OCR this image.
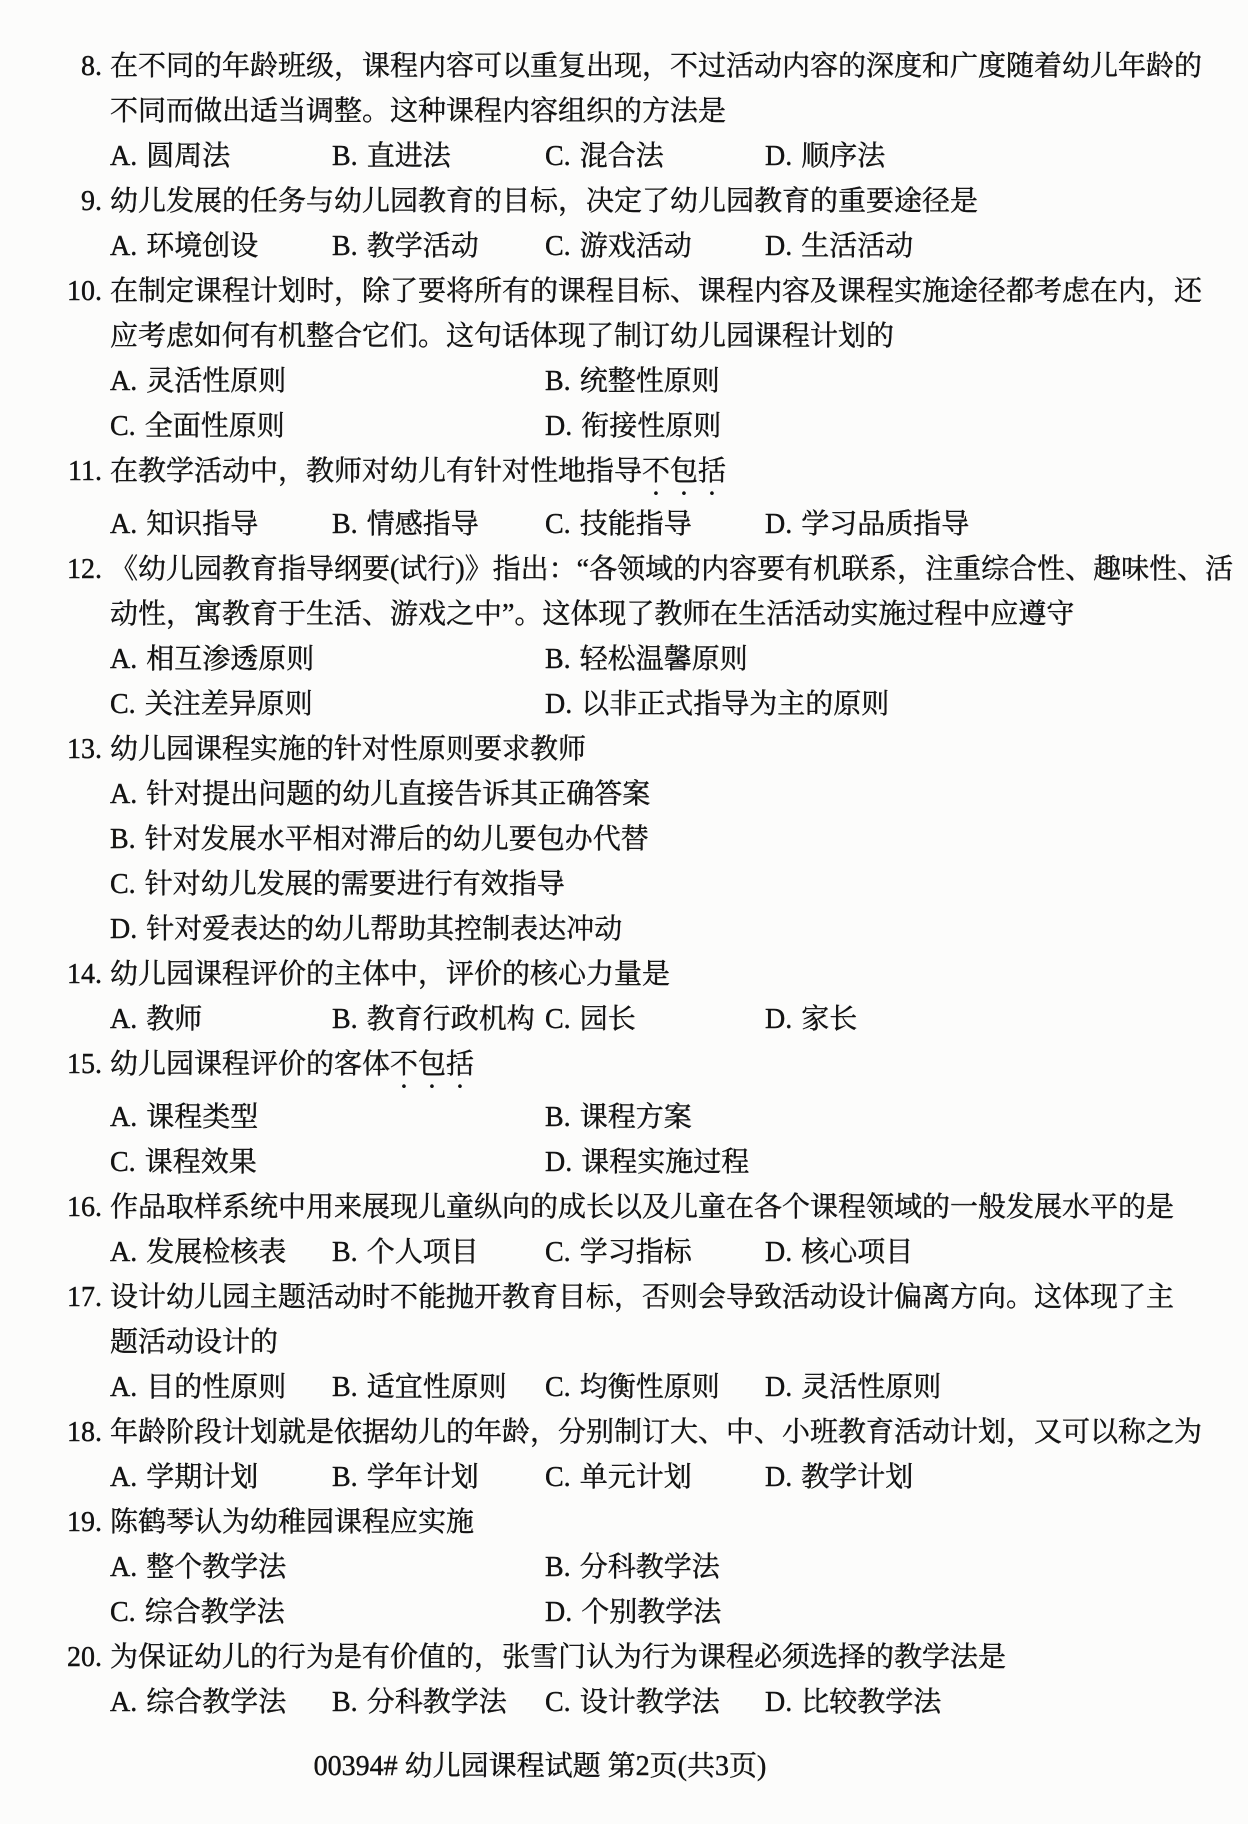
8. 在不同的年龄班级，课程内容可以重复出现，不过活动内容的深度和广度随着幼儿年龄的
不同而做出适当调整。这种课程内容组织的方法是
A. 圆周法	B. 直进法	C. 混合法	D. 顺序法
9. 幼儿发展的任务与幼儿园教育的目标，决定了幼儿园教育的重要途径是
A. 环境创设	B. 教学活动	C. 游戏活动	D. 生活活动
10. 在制定课程计划时，除了要将所有的课程目标、课程内容及课程实施途径都考虑在内，还
应考虑如何有机整合它们。这句话体现了制订幼儿园课程计划的
A. 灵活性原则	B. 统整性原则
C. 全面性原则	D. 衔接性原则
11. 在教学活动中，教师对幼儿有针对性地指导不包括
A. 知识指导	B. 情感指导	C. 技能指导	D. 学习品质指导
12. 《幼儿园教育指导纲要(试行)》指出：“各领域的内容要有机联系，注重综合性、趣味性、活
动性，寓教育于生活、游戏之中”。这体现了教师在生活活动实施过程中应遵守
A. 相互渗透原则	B. 轻松温馨原则
C. 关注差异原则	D. 以非正式指导为主的原则
13. 幼儿园课程实施的针对性原则要求教师
A. 针对提出问题的幼儿直接告诉其正确答案
B. 针对发展水平相对滞后的幼儿要包办代替
C. 针对幼儿发展的需要进行有效指导
D. 针对爱表达的幼儿帮助其控制表达冲动
14. 幼儿园课程评价的主体中，评价的核心力量是
A. 教师	B. 教育行政机构 C. 园长	D. 家长
15. 幼儿园课程评价的客体不包括
A. 课程类型	B. 课程方案
C. 课程效果	D. 课程实施过程
16. 作品取样系统中用来展现儿童纵向的成长以及儿童在各个课程领域的一般发展水平的是
A. 发展检核表	B. 个人项目	C. 学习指标	D. 核心项目
17. 设计幼儿园主题活动时不能抛开教育目标，否则会导致活动设计偏离方向。这体现了主
题活动设计的
A. 目的性原则	B. 适宜性原则	C. 均衡性原则	D. 灵活性原则
18. 年龄阶段计划就是依据幼儿的年龄，分别制订大、中、小班教育活动计划，又可以称之为
A. 学期计划	B. 学年计划	C. 单元计划	D. 教学计划
19. 陈鹤琴认为幼稚园课程应实施
A. 整个教学法	B. 分科教学法
C. 综合教学法	D. 个别教学法
20. 为保证幼儿的行为是有价值的，张雪门认为行为课程必须选择的教学法是
A. 综合教学法	B. 分科教学法	C. 设计教学法	D. 比较教学法
00394# 幼儿园课程试题 第2页(共3页)
